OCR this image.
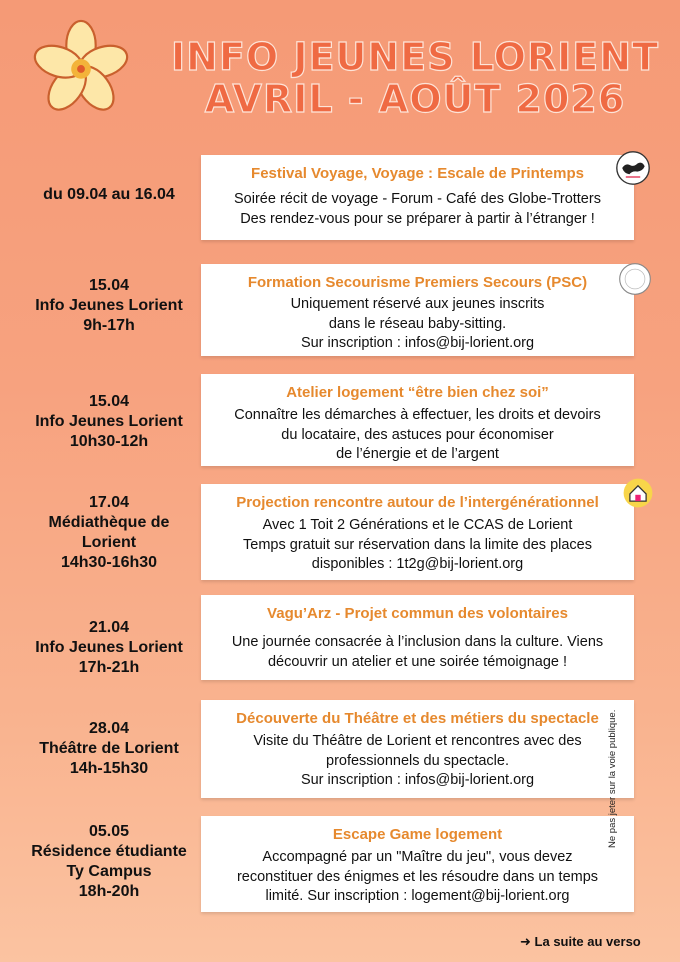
INFO JEUNES LORIENT
AVRIL - AOÛT 2026
du 09.04 au 16.04
Festival Voyage, Voyage : Escale de Printemps
Soirée récit de voyage - Forum - Café des Globe-Trotters
Des rendez-vous pour se préparer à partir à l’étranger !
15.04
Info Jeunes Lorient
9h-17h
Formation Secourisme Premiers Secours (PSC)
Uniquement réservé aux jeunes inscrits
dans le réseau baby-sitting.
Sur inscription : infos@bij-lorient.org
15.04
Info Jeunes Lorient
10h30-12h
Atelier logement “être bien chez soi”
Connaître les démarches à effectuer, les droits et devoirs
du locataire, des astuces pour économiser
de l’énergie et de l’argent
17.04
Médiathèque de
Lorient
14h30-16h30
Projection rencontre autour de l’intergénérationnel
Avec 1 Toit 2 Générations et le CCAS de Lorient
Temps gratuit sur réservation dans la limite des places
disponibles : 1t2g@bij-lorient.org
21.04
Info Jeunes Lorient
17h-21h
Vagu’Arz - Projet commun des volontaires
Une journée consacrée à l’inclusion dans la culture. Viens
découvrir un atelier et une soirée témoignage !
28.04
Théâtre de Lorient
14h-15h30
Découverte du Théâtre et des métiers du spectacle
Visite du Théâtre de Lorient et rencontres avec des
professionnels du spectacle.
Sur inscription : infos@bij-lorient.org
05.05
Résidence étudiante
Ty Campus
18h-20h
Escape Game logement
Accompagné par un "Maître du jeu", vous devez
reconstituer des énigmes et les résoudre dans un temps
limité. Sur inscription : logement@bij-lorient.org
Ne pas jeter sur la voie publique.
➜ La suite au verso
